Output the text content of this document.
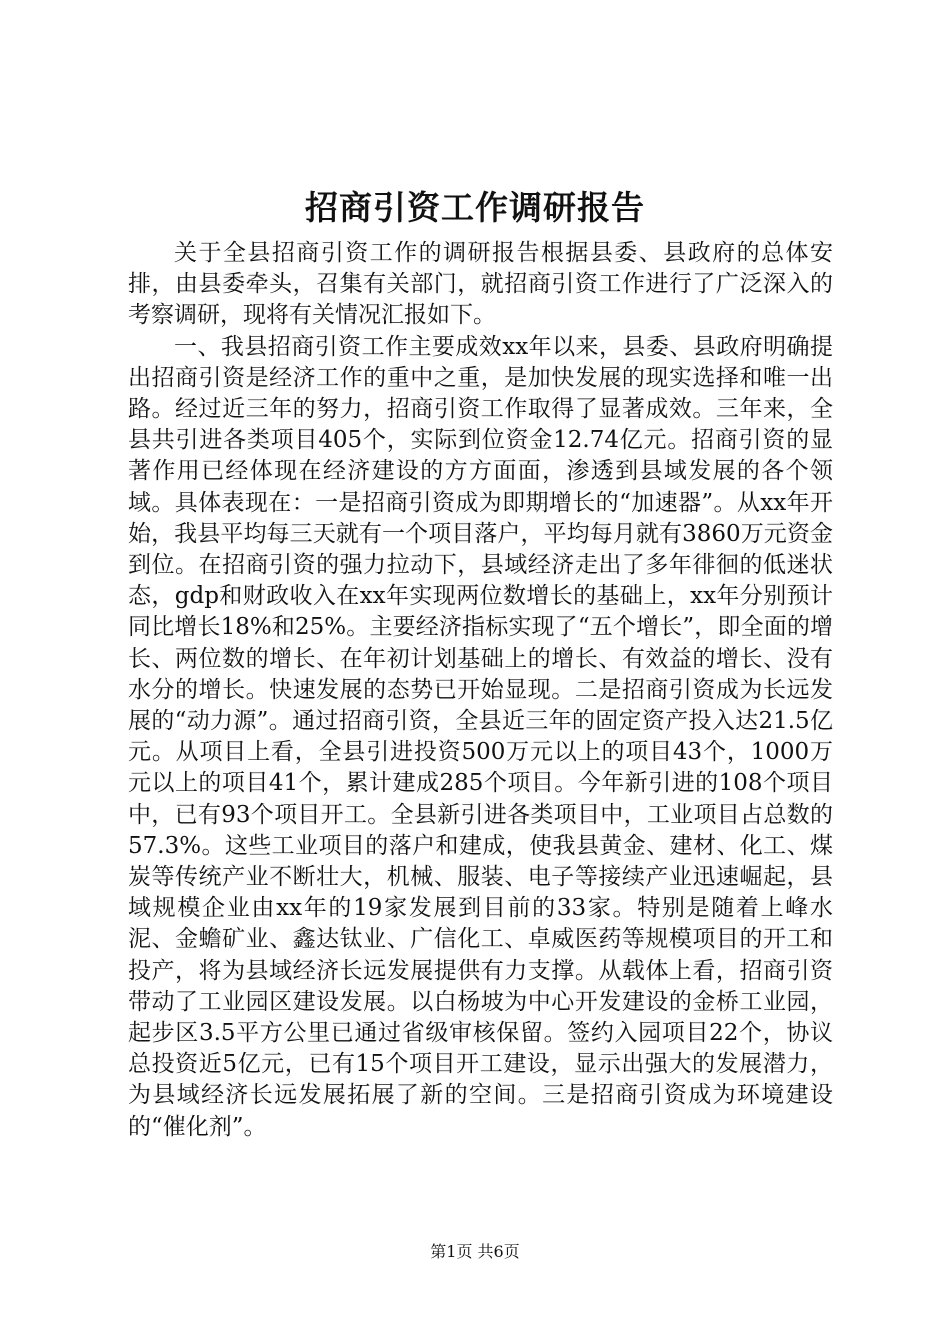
招商引资工作调研报告

关于全县招商引资工作的调研报告根据县委、县政府的总体安排，由县委牵头，召集有关部门，就招商引资工作进行了广泛深入的考察调研，现将有关情况汇报如下。

一、我县招商引资工作主要成效xx年以来，县委、县政府明确提出招商引资是经济工作的重中之重，是加快发展的现实选择和唯一出路。经过近三年的努力，招商引资工作取得了显著成效。三年来，全县共引进各类项目405个，实际到位资金12.74亿元。招商引资的显著作用已经体现在经济建设的方方面面，渗透到县域发展的各个领域。具体表现在：一是招商引资成为即期增长的“加速器”。从xx年开始，我县平均每三天就有一个项目落户，平均每月就有3860万元资金到位。在招商引资的强力拉动下，县域经济走出了多年徘徊的低迷状态，gdp和财政收入在xx年实现两位数增长的基础上，xx年分别预计同比增长18%和25%。主要经济指标实现了“五个增长”，即全面的增长、两位数的增长、在年初计划基础上的增长、有效益的增长、没有水分的增长。快速发展的态势已开始显现。二是招商引资成为长远发展的“动力源”。通过招商引资，全县近三年的固定资产投入达21.5亿元。从项目上看，全县引进投资500万元以上的项目43个，1000万元以上的项目41个，累计建成285个项目。今年新引进的108个项目中，已有93个项目开工。全县新引进各类项目中，工业项目占总数的57.3%。这些工业项目的落户和建成，使我县黄金、建材、化工、煤炭等传统产业不断壮大，机械、服装、电子等接续产业迅速崛起，县域规模企业由xx年的19家发展到目前的33家。特别是随着上峰水泥、金蟾矿业、鑫达钛业、广信化工、卓威医药等规模项目的开工和投产，将为县域经济长远发展提供有力支撑。从载体上看，招商引资带动了工业园区建设发展。以白杨坡为中心开发建设的金桥工业园，起步区3.5平方公里已通过省级审核保留。签约入园项目22个，协议总投资近5亿元，已有15个项目开工建设，显示出强大的发展潜力，为县域经济长远发展拓展了新的空间。三是招商引资成为环境建设的“催化剂”。

第1页 共6页
